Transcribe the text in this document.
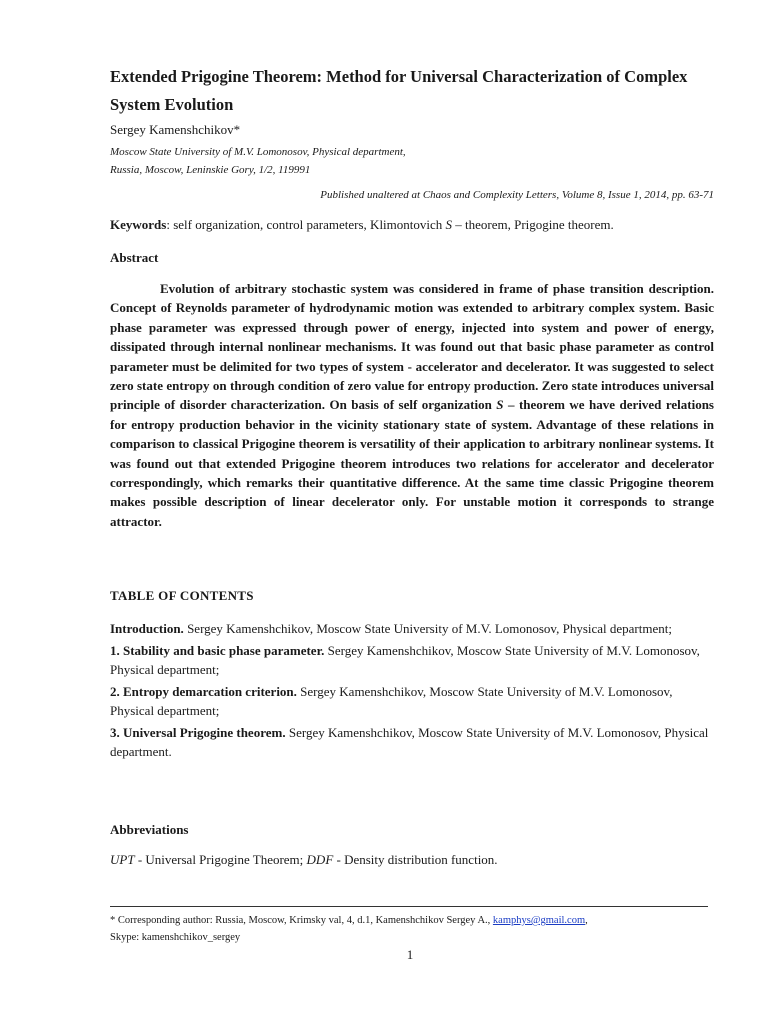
Extended Prigogine Theorem: Method for Universal Characterization of Complex System Evolution
Sergey Kamenshchikov*
Moscow State University of M.V. Lomonosov, Physical department,
Russia, Moscow, Leninskie Gory, 1/2, 119991
Published unaltered at Chaos and Complexity Letters, Volume 8, Issue 1, 2014, pp. 63-71
Keywords: self organization, control parameters, Klimontovich S – theorem, Prigogine theorem.
Abstract

Evolution of arbitrary stochastic system was considered in frame of phase transition description. Concept of Reynolds parameter of hydrodynamic motion was extended to arbitrary complex system. Basic phase parameter was expressed through power of energy, injected into system and power of energy, dissipated through internal nonlinear mechanisms. It was found out that basic phase parameter as control parameter must be delimited for two types of system - accelerator and decelerator. It was suggested to select zero state entropy on through condition of zero value for entropy production. Zero state introduces universal principle of disorder characterization. On basis of self organization S – theorem we have derived relations for entropy production behavior in the vicinity stationary state of system. Advantage of these relations in comparison to classical Prigogine theorem is versatility of their application to arbitrary nonlinear systems. It was found out that extended Prigogine theorem introduces two relations for accelerator and decelerator correspondingly, which remarks their quantitative difference. At the same time classic Prigogine theorem makes possible description of linear decelerator only. For unstable motion it corresponds to strange attractor.

TABLE OF CONTENTS
Introduction. Sergey Kamenshchikov, Moscow State University of M.V. Lomonosov, Physical department;
1. Stability and basic phase parameter. Sergey Kamenshchikov, Moscow State University of M.V. Lomonosov, Physical department;
2. Entropy demarcation criterion. Sergey Kamenshchikov, Moscow State University of M.V. Lomonosov, Physical department;
3. Universal Prigogine theorem. Sergey Kamenshchikov, Moscow State University of M.V. Lomonosov, Physical department.
Abbreviations
UPT - Universal Prigogine Theorem; DDF - Density distribution function.
* Corresponding author: Russia, Moscow, Krimsky val, 4, d.1, Kamenshchikov Sergey A., kamphys@gmail.com,
Skype: kamenshchikov_sergey
1
